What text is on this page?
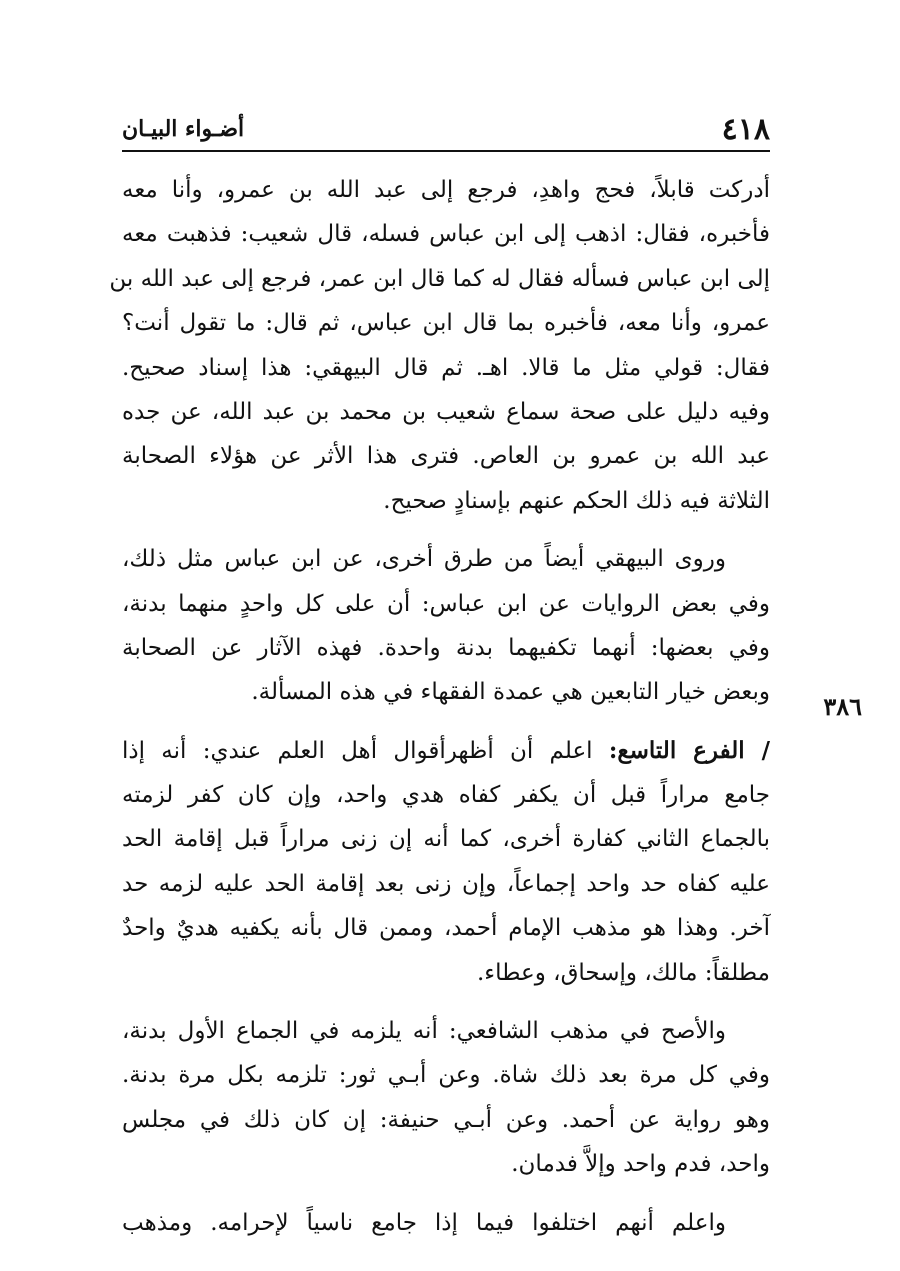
٤١٨
أضـواء البيـان
أدركت قابلاً، فحج واهدِ، فرجع إلى عبد الله بن عمرو، وأنا معه
فأخبره، فقال: اذهب إلى ابن عباس فسله، قال شعيب: فذهبت معه
إلى ابن عباس فسأله فقال له كما قال ابن عمر، فرجع إلى عبد الله بن
عمرو، وأنا معه، فأخبره بما قال ابن عباس، ثم قال: ما تقول أنت؟
فقال: قولي مثل ما قالا. اهـ. ثم قال البيهقي: هذا إسناد صحيح.
وفيه دليل على صحة سماع شعيب بن محمد بن عبد الله، عن جده
عبد الله بن عمرو بن العاص. فترى هذا الأثر عن هؤلاء الصحابة
الثلاثة فيه ذلك الحكم عنهم بإسنادٍ صحيح.
وروى البيهقي أيضاً من طرق أخرى، عن ابن عباس مثل ذلك،
وفي بعض الروايات عن ابن عباس: أن على كل واحدٍ منهما بدنة،
وفي بعضها: أنهما تكفيهما بدنة واحدة. فهذه الآثار عن الصحابة
وبعض خيار التابعين هي عمدة الفقهاء في هذه المسألة.
/ الفرع التاسع: اعلم أن أظهرأقوال أهل العلم عندي: أنه إذا
جامع مراراً قبل أن يكفر كفاه هدي واحد، وإن كان كفر لزمته
بالجماع الثاني كفارة أخرى، كما أنه إن زنى مراراً قبل إقامة الحد
عليه كفاه حد واحد إجماعاً، وإن زنى بعد إقامة الحد عليه لزمه حد
آخر. وهذا هو مذهب الإمام أحمد، وممن قال بأنه يكفيه هديٌ واحدٌ
مطلقاً: مالك، وإسحاق، وعطاء.
والأصح في مذهب الشافعي: أنه يلزمه في الجماع الأول بدنة،
وفي كل مرة بعد ذلك شاة. وعن أبـي ثور: تلزمه بكل مرة بدنة.
وهو رواية عن أحمد. وعن أبـي حنيفة: إن كان ذلك في مجلس
واحد، فدم واحد وإلاَّ فدمان.
واعلم أنهم اختلفوا فيما إذا جامع ناسياً لإحرامه. ومذهب
٣٨٦
